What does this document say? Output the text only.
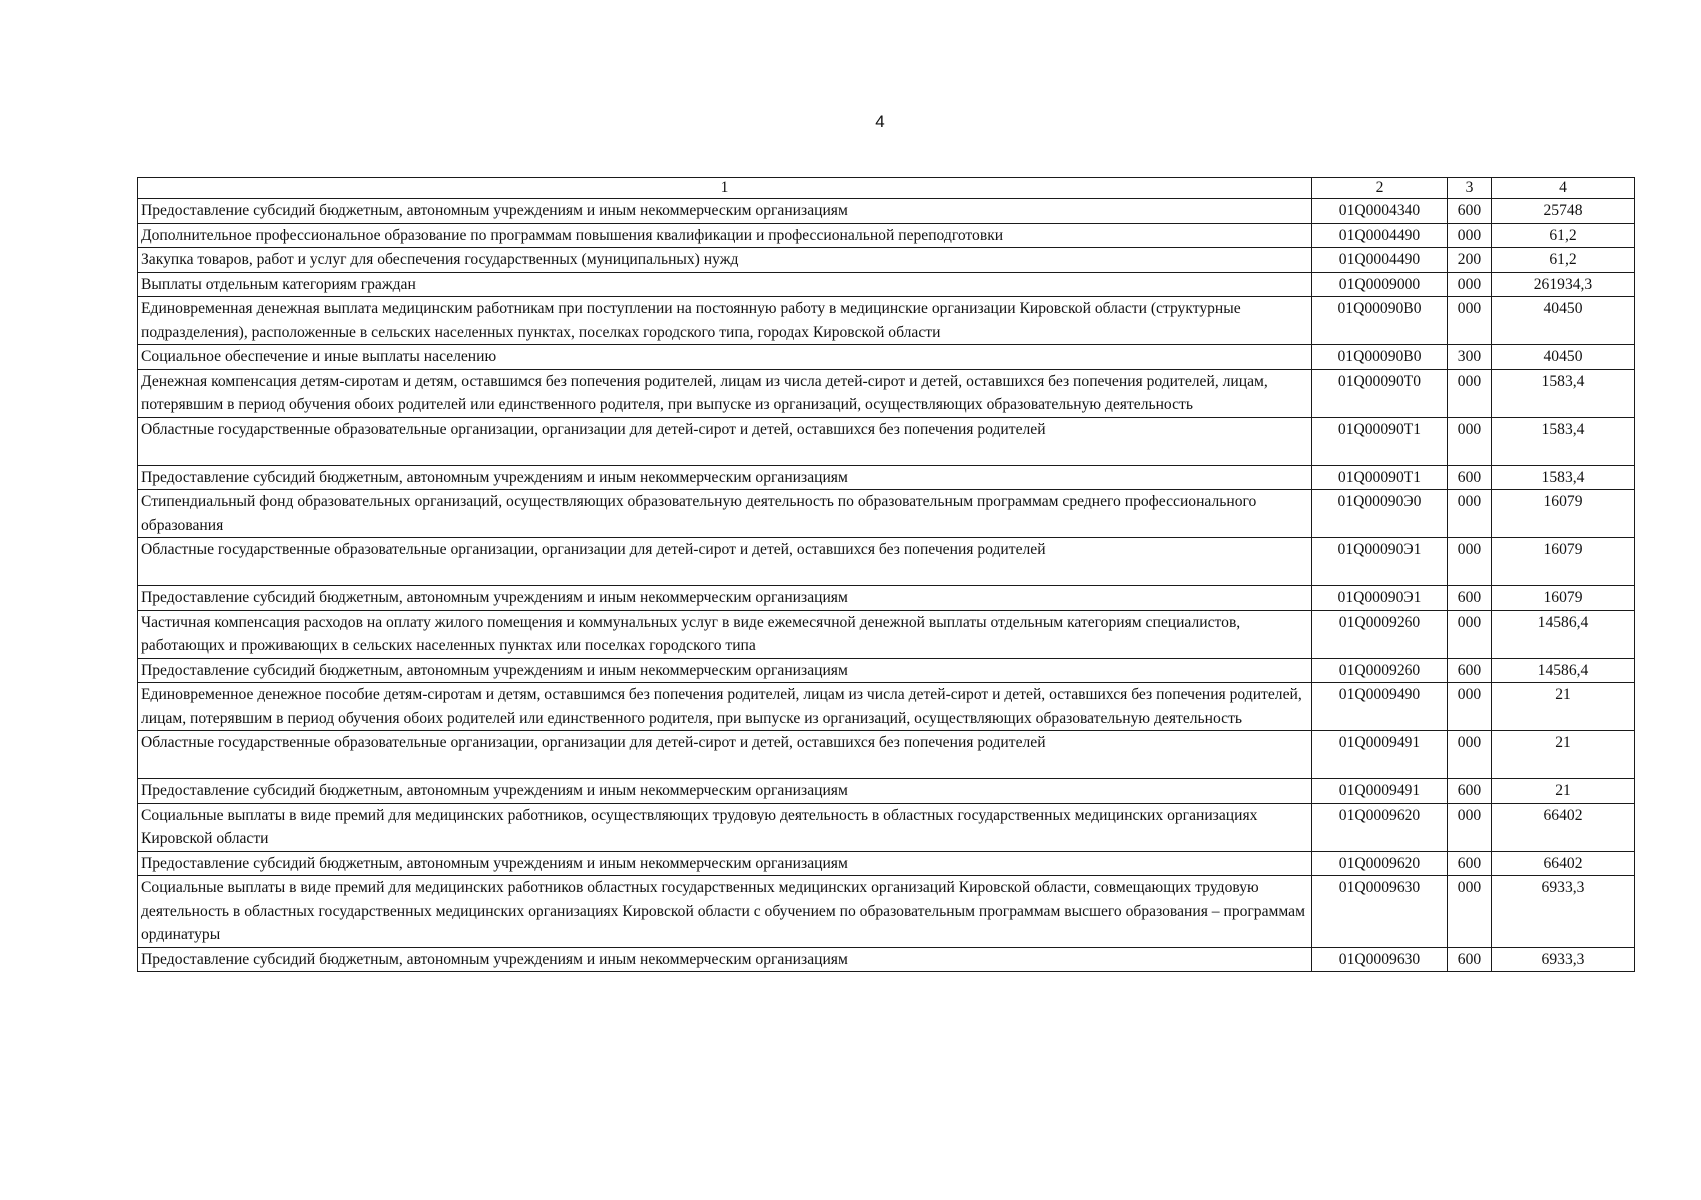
4
1	2	3	4
Предоставление субсидий бюджетным, автономным учреждениям и иным некоммерческим организациям	01Q0004340	600	25748
Дополнительное профессиональное образование по программам повышения квалификации и профессиональной переподготовки	01Q0004490	000	61,2
Закупка товаров, работ и услуг для обеспечения государственных (муниципальных) нужд	01Q0004490	200	61,2
Выплаты отдельным категориям граждан	01Q0009000	000	261934,3
Единовременная денежная выплата медицинским работникам при поступлении на постоянную работу в медицинские организации Кировской области (структурные подразделения), расположенные в сельских населенных пунктах, поселках городского типа, городах Кировской области	01Q00090В0	000	40450
Социальное обеспечение и иные выплаты населению	01Q00090В0	300	40450
Денежная компенсация детям-сиротам и детям, оставшимся без попечения родителей, лицам из числа детей-сирот и детей, оставшихся без попечения родителей, лицам, потерявшим в период обучения обоих родителей или единственного родителя, при выпуске из организаций, осуществляющих образовательную деятельность	01Q00090Т0	000	1583,4
Областные государственные образовательные организации, организации для детей-сирот и детей, оставшихся без попечения родителей	01Q00090Т1	000	1583,4
Предоставление субсидий бюджетным, автономным учреждениям и иным некоммерческим организациям	01Q00090Т1	600	1583,4
Стипендиальный фонд образовательных организаций, осуществляющих образовательную деятельность по образовательным программам среднего профессионального образования	01Q00090Э0	000	16079
Областные государственные образовательные организации, организации для детей-сирот и детей, оставшихся без попечения родителей	01Q00090Э1	000	16079
Предоставление субсидий бюджетным, автономным учреждениям и иным некоммерческим организациям	01Q00090Э1	600	16079
Частичная компенсация расходов на оплату жилого помещения и коммунальных услуг в виде ежемесячной денежной выплаты отдельным категориям специалистов, работающих и проживающих в сельских населенных пунктах или поселках городского типа	01Q0009260	000	14586,4
Предоставление субсидий бюджетным, автономным учреждениям и иным некоммерческим организациям	01Q0009260	600	14586,4
Единовременное денежное пособие детям-сиротам и детям, оставшимся без попечения родителей, лицам из числа детей-сирот и детей, оставшихся без попечения родителей, лицам, потерявшим в период обучения обоих родителей или единственного родителя, при выпуске из организаций, осуществляющих образовательную деятельность	01Q0009490	000	21
Областные государственные образовательные организации, организации для детей-сирот и детей, оставшихся без попечения родителей	01Q0009491	000	21
Предоставление субсидий бюджетным, автономным учреждениям и иным некоммерческим организациям	01Q0009491	600	21
Социальные выплаты в виде премий для медицинских работников, осуществляющих трудовую деятельность в областных государственных медицинских организациях Кировской области	01Q0009620	000	66402
Предоставление субсидий бюджетным, автономным учреждениям и иным некоммерческим организациям	01Q0009620	600	66402
Социальные выплаты в виде премий для медицинских работников областных государственных медицинских организаций Кировской области, совмещающих трудовую деятельность в областных государственных медицинских организациях Кировской области с обучением по образовательным программам высшего образования – программам ординатуры	01Q0009630	000	6933,3
Предоставление субсидий бюджетным, автономным учреждениям и иным некоммерческим организациям	01Q0009630	600	6933,3
